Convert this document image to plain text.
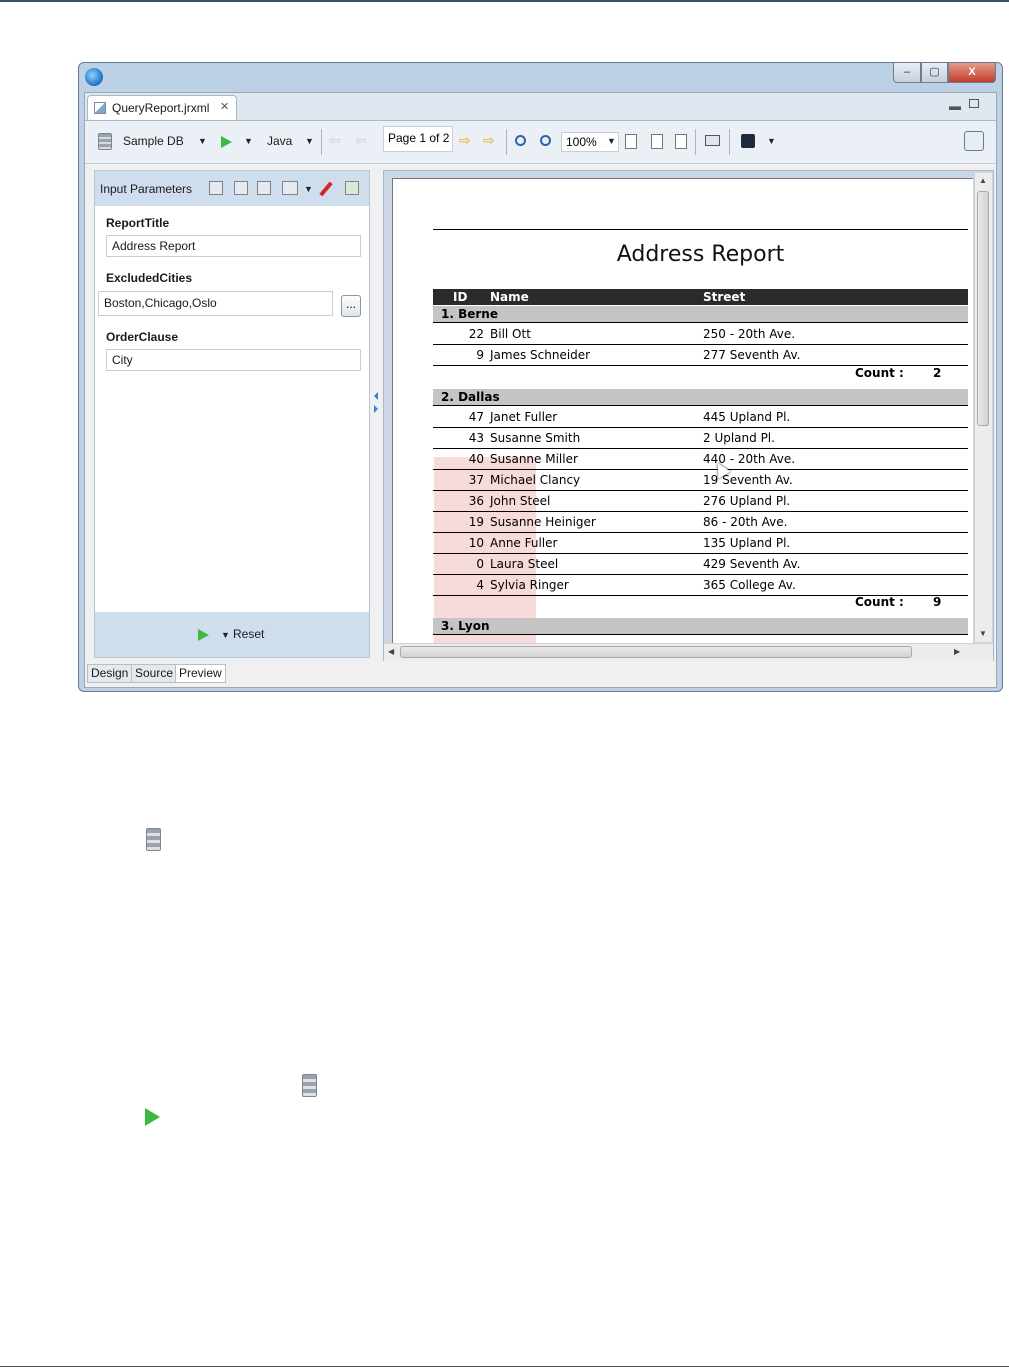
–	▢	X
QueryReport.jrxml ✕	▬
Sample DB ▼	▼ Java ▼ ⇦ ⇦	Page 1 of 2 ⇨ ⇨	100%	▼	▼
Input Parameters	▼
ReportTitle
Address Report
ExcludedCities
Boston,Chicago,Oslo	...
OrderClause
City
▼ Reset
Address Report
ID Name	Street
1. Berne
22 Bill Ott	250 - 20th Ave.
9 James Schneider	277 Seventh Av.
Count : 2
2. Dallas
47 Janet Fuller	445 Upland Pl.
43 Susanne Smith	2 Upland Pl.
40 Susanne Miller	440 - 20th Ave.
37 Michael Clancy	19 Seventh Av.
36 John Steel	276 Upland Pl.
19 Susanne Heiniger	86 - 20th Ave.
10 Anne Fuller	135 Upland Pl.
0 Laura Steel	429 Seventh Av.
4 Sylvia Ringer	365 College Av.
Count : 9
3. Lyon
▲
▼
◀	▶
Design Source Preview
